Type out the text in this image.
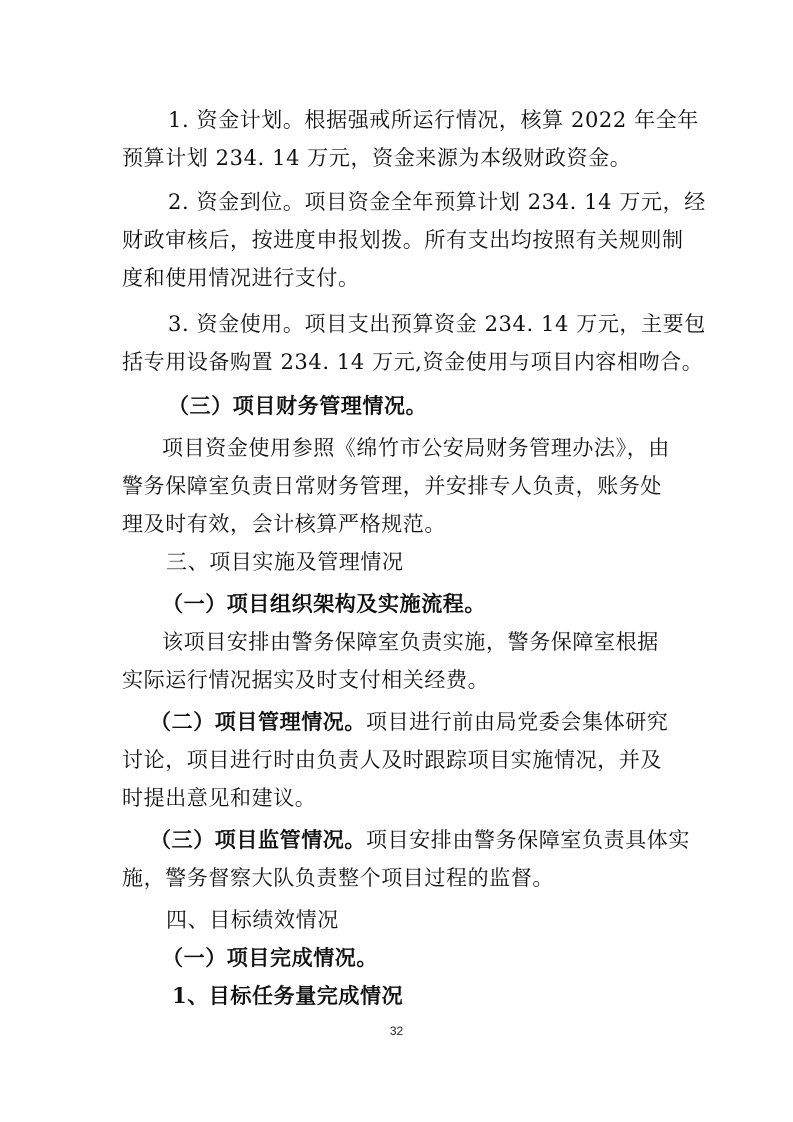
1. 资金计划。根据强戒所运行情况，核算 2022 年全年
预算计划 234. 14 万元，资金来源为本级财政资金。
2. 资金到位。项目资金全年预算计划 234. 14 万元，经
财政审核后，按进度申报划拨。所有支出均按照有关规则制
度和使用情况进行支付。
3. 资金使用。项目支出预算资金 234. 14 万元，主要包
括专用设备购置 234. 14 万元,资金使用与项目内容相吻合。
（三）项目财务管理情况。
项目资金使用参照《绵竹市公安局财务管理办法》，由
警务保障室负责日常财务管理，并安排专人负责，账务处
理及时有效，会计核算严格规范。
三、项目实施及管理情况
（一）项目组织架构及实施流程。
该项目安排由警务保障室负责实施，警务保障室根据
实际运行情况据实及时支付相关经费。
（二）项目管理情况。项目进行前由局党委会集体研究
讨论，项目进行时由负责人及时跟踪项目实施情况，并及
时提出意见和建议。
（三）项目监管情况。项目安排由警务保障室负责具体实
施，警务督察大队负责整个项目过程的监督。
四、目标绩效情况
（一）项目完成情况。
1、目标任务量完成情况
32
